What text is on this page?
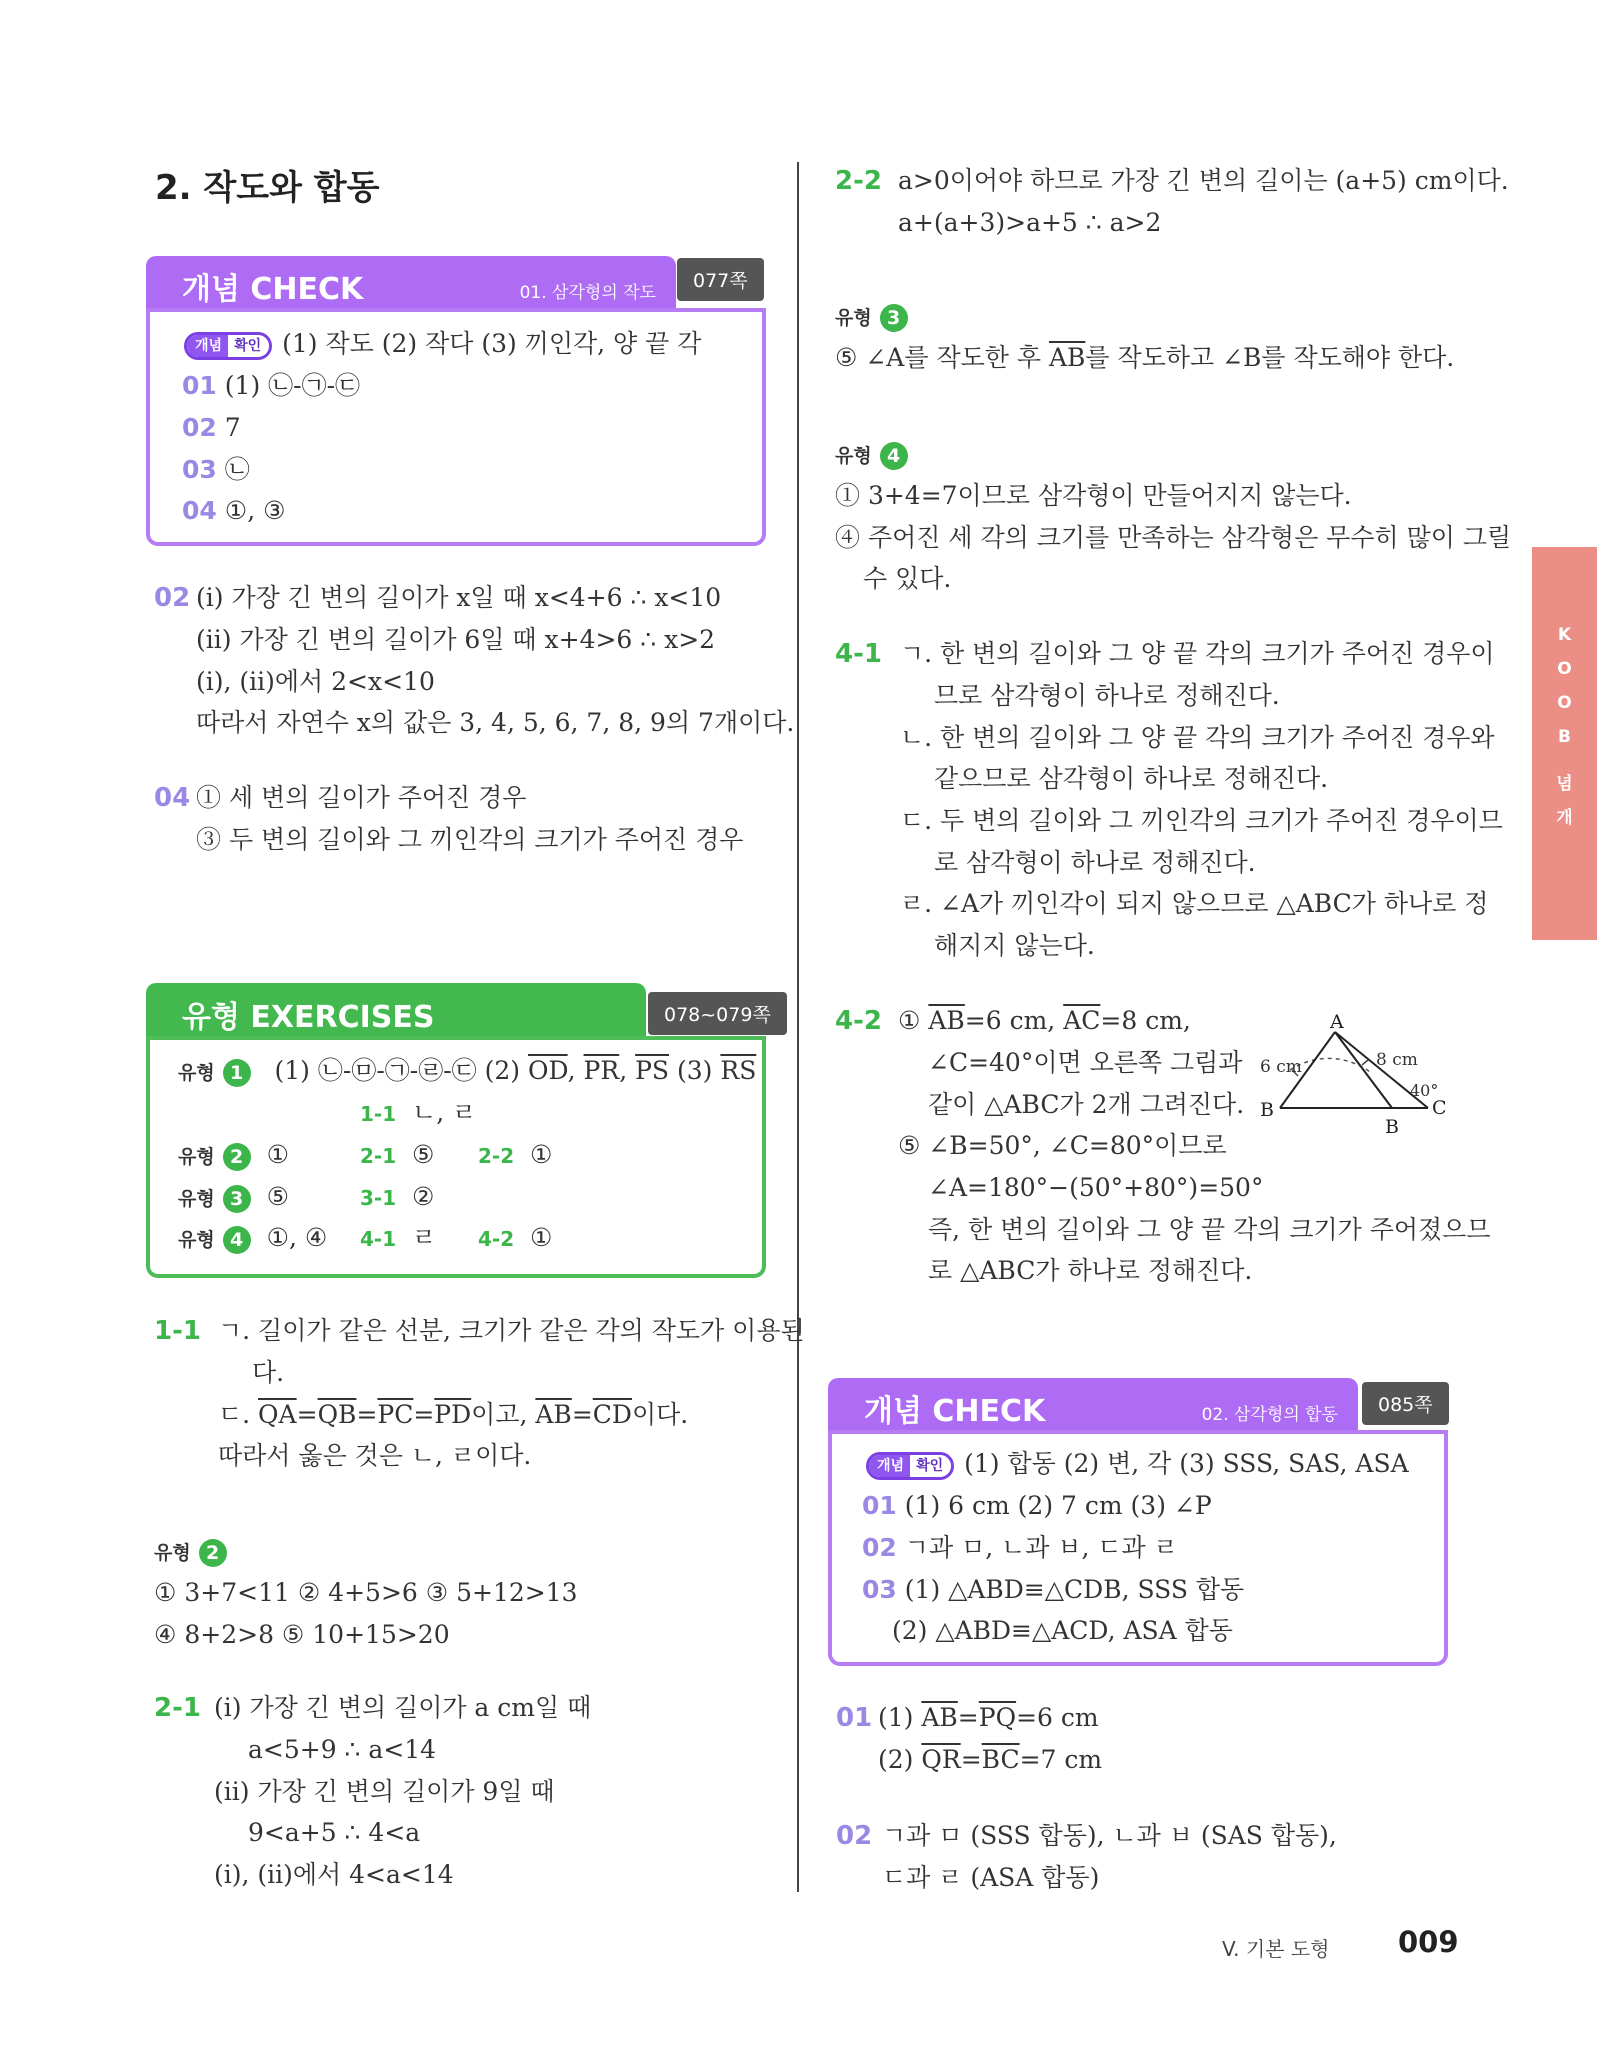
2. 작도와 합동
개념 CHECK	01. 삼각형의 작도
077쪽
개념 확인 (1) 작도 (2) 작다 (3) 끼인각, 양 끝 각
01 (1) ㉡-㉠-㉢
02 7
03 ㉡
04 ①, ③
02 (i) 가장 긴 변의 길이가 x일 때 x<4+6 ∴ x<10
(ii) 가장 긴 변의 길이가 6일 때 x+4>6 ∴ x>2
(i), (ii)에서 2<x<10
따라서 자연수 x의 값은 3, 4, 5, 6, 7, 8, 9의 7개이다.
04 ① 세 변의 길이가 주어진 경우
③ 두 변의 길이와 그 끼인각의 크기가 주어진 경우
유형 EXERCISES	078~079쪽
유형 1 (1) ㉡-㉤-㉠-㉣-㉢ (2) $\overline{OD}$, $\overline{PR}$, $\overline{PS}$ (3) $\overline{RS}$
1-1 ㄴ, ㄹ
유형 2 ①	2-1 ⑤ 2-2 ①
유형 3 ⑤	3-1 ②
유형 4 ①, ④ 4-1 ㄹ 4-2 ①
1-1 ㄱ. 길이가 같은 선분, 크기가 같은 각의 작도가 이용된
다.
ㄷ. $\overline{QA}=\overline{QB}=\overline{PC}=\overline{PD}$이고, $\overline{AB}=\overline{CD}$이다.
따라서 옳은 것은 ㄴ, ㄹ이다.
유형 2
① 3+7<11 ② 4+5>6 ③ 5+12>13
④ 8+2>8 ⑤ 10+15>20
2-1 (i) 가장 긴 변의 길이가 a cm일 때
a<5+9 ∴ a<14
(ii) 가장 긴 변의 길이가 9일 때
9<a+5 ∴ 4<a
(i), (ii)에서 4<a<14
2-2 a>0이어야 하므로 가장 긴 변의 길이는 (a+5) cm이다.
a+(a+3)>a+5 ∴ a>2
유형 3
⑤ ∠A를 작도한 후 $\overline{AB}$를 작도하고 ∠B를 작도해야 한다.
유형 4
① 3+4=7이므로 삼각형이 만들어지지 않는다.
④ 주어진 세 각의 크기를 만족하는 삼각형은 무수히 많이 그릴
수 있다.
4-1 ㄱ. 한 변의 길이와 그 양 끝 각의 크기가 주어진 경우이
므로 삼각형이 하나로 정해진다.
ㄴ. 한 변의 길이와 그 양 끝 각의 크기가 주어진 경우와
같으므로 삼각형이 하나로 정해진다.
ㄷ. 두 변의 길이와 그 끼인각의 크기가 주어진 경우이므
로 삼각형이 하나로 정해진다.
ㄹ. ∠A가 끼인각이 되지 않으므로 △ABC가 하나로 정
해지지 않는다.
4-2 ① $\overline{AB}=6$ cm, $\overline{AC}=8$ cm,
∠C=40°이면 오른쪽 그림과
같이 △ABC가 2개 그려진다.
⑤ ∠B=50°, ∠C=80°이므로
∠A=180°−(50°+80°)=50°
즉, 한 변의 길이와 그 양 끝 각의 크기가 주어졌으므
로 △ABC가 하나로 정해진다.
A
B
B
C
6 cm	8 cm
40°
개념 CHECK	02. 삼각형의 합동	085쪽
개념 확인 (1) 합동 (2) 변, 각 (3) SSS, SAS, ASA
01 (1) 6 cm (2) 7 cm (3) ∠P
02 ㄱ과 ㅁ, ㄴ과 ㅂ, ㄷ과 ㄹ
03 (1) △ABD≡△CDB, SSS 합동
(2) △ABD≡△ACD, ASA 합동
01 (1) $\overline{AB}=\overline{PQ}=6$ cm
(2) $\overline{QR}=\overline{BC}=7$ cm
02 ㄱ과 ㅁ (SSS 합동), ㄴ과 ㅂ (SAS 합동),
ㄷ과 ㄹ (ASA 합동)
K
O
O
B
념
개
V. 기본 도형 009
